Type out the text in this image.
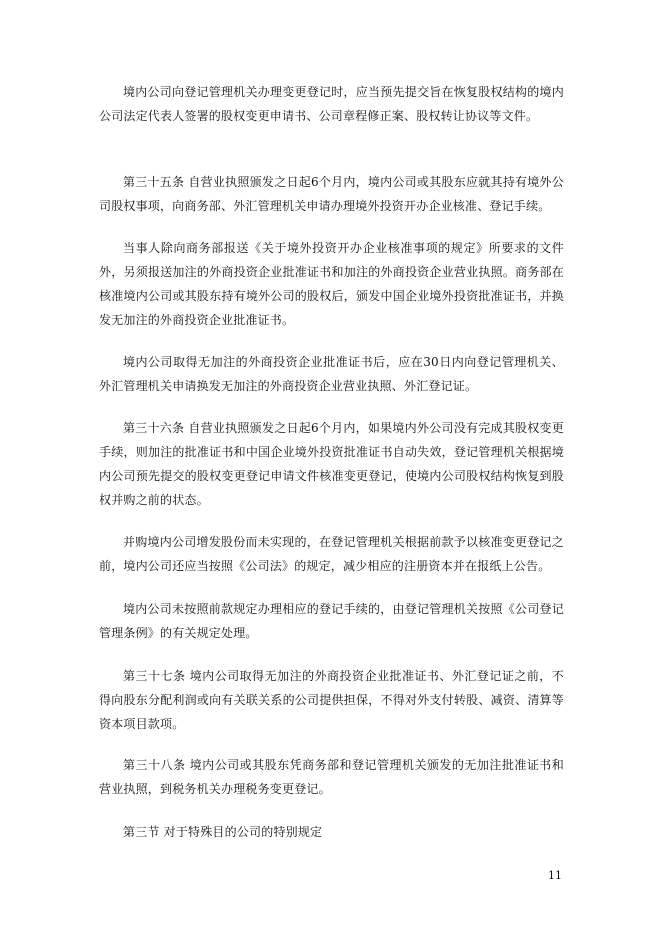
境内公司向登记管理机关办理变更登记时，应当预先提交旨在恢复股权结构的境内公司法定代表人签署的股权变更申请书、公司章程修正案、股权转让协议等文件。

第三十五条 自营业执照颁发之日起6个月内，境内公司或其股东应就其持有境外公司股权事项，向商务部、外汇管理机关申请办理境外投资开办企业核准、登记手续。

当事人除向商务部报送《关于境外投资开办企业核准事项的规定》所要求的文件外，另须报送加注的外商投资企业批准证书和加注的外商投资企业营业执照。商务部在核准境内公司或其股东持有境外公司的股权后，颁发中国企业境外投资批准证书，并换发无加注的外商投资企业批准证书。

境内公司取得无加注的外商投资企业批准证书后，应在30日内向登记管理机关、外汇管理机关申请换发无加注的外商投资企业营业执照、外汇登记证。

第三十六条 自营业执照颁发之日起6个月内，如果境内外公司没有完成其股权变更手续，则加注的批准证书和中国企业境外投资批准证书自动失效，登记管理机关根据境内公司预先提交的股权变更登记申请文件核准变更登记，使境内公司股权结构恢复到股权并购之前的状态。

并购境内公司增发股份而未实现的，在登记管理机关根据前款予以核准变更登记之前，境内公司还应当按照《公司法》的规定，减少相应的注册资本并在报纸上公告。

境内公司未按照前款规定办理相应的登记手续的，由登记管理机关按照《公司登记管理条例》的有关规定处理。

第三十七条 境内公司取得无加注的外商投资企业批准证书、外汇登记证之前，不得向股东分配利润或向有关联关系的公司提供担保，不得对外支付转股、减资、清算等资本项目款项。

第三十八条 境内公司或其股东凭商务部和登记管理机关颁发的无加注批准证书和营业执照，到税务机关办理税务变更登记。

第三节 对于特殊目的公司的特别规定

11
